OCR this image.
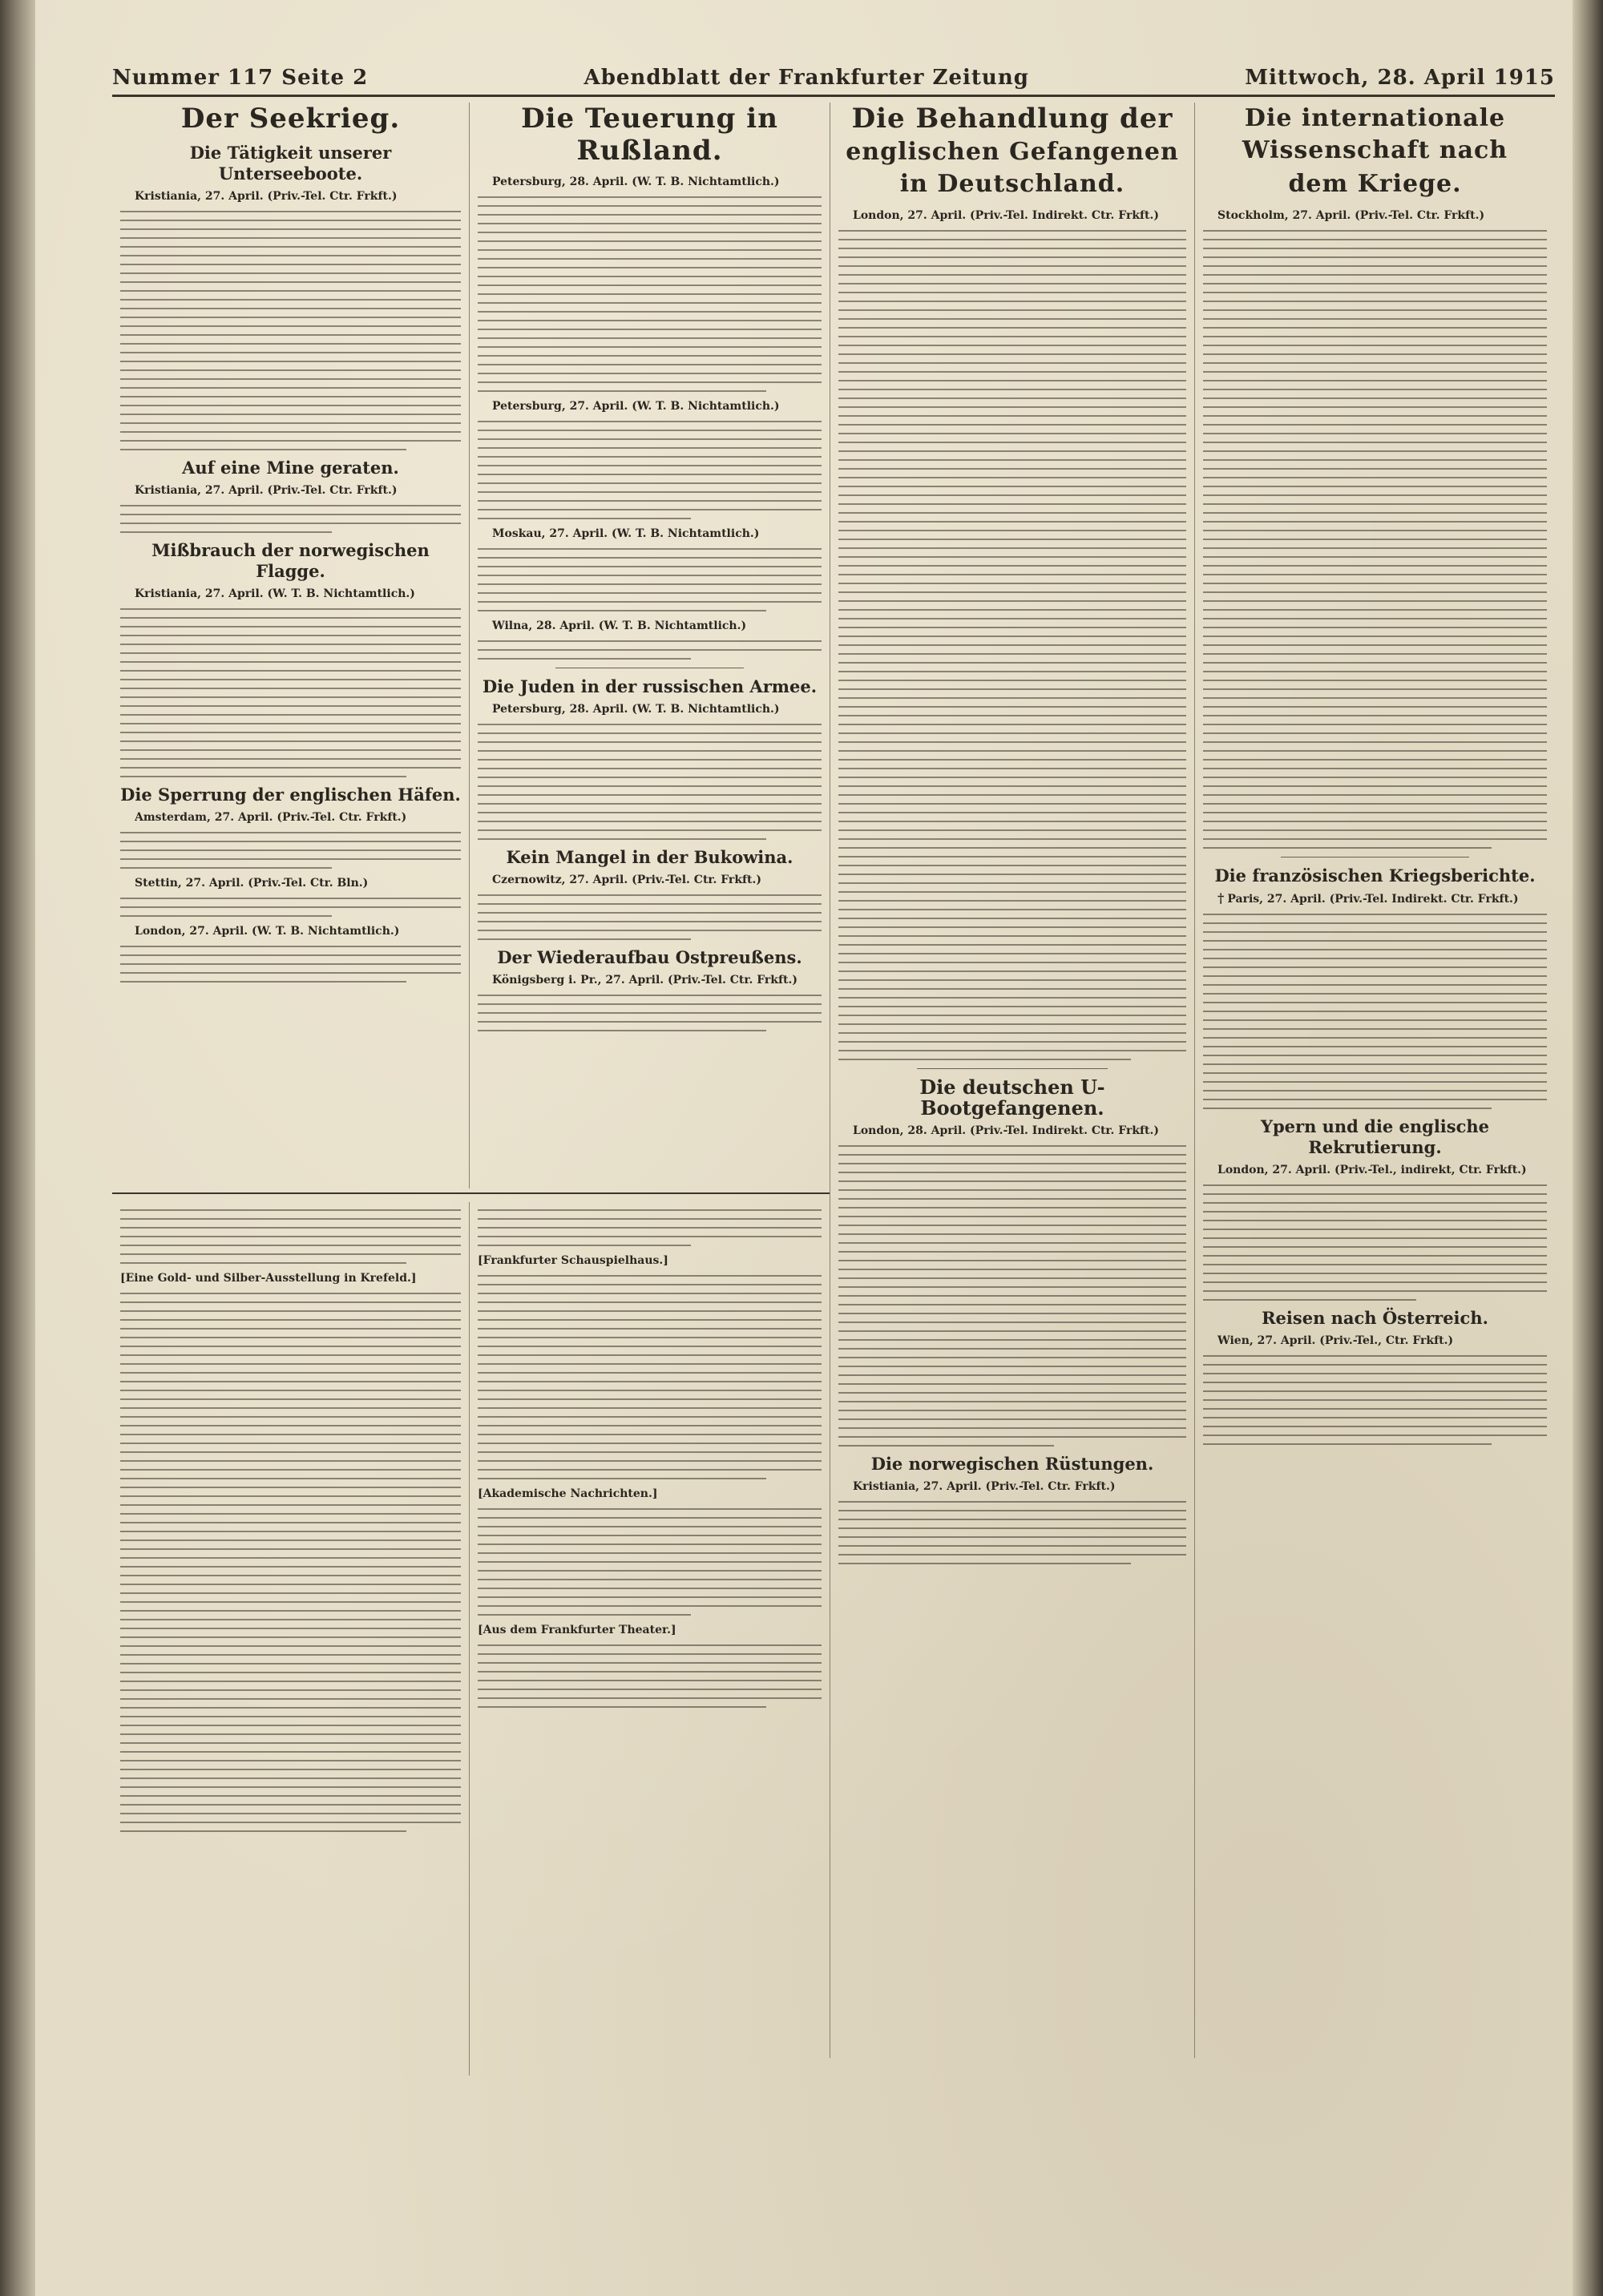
Nummer 117 Seite 2	Abendblatt der Frankfurter Zeitung	Mittwoch, 28. April 1915
Der Seekrieg.
Die Tätigkeit unserer Unterseeboote.
Kristiania, 27. April. (Priv.-Tel. Ctr. Frkft.)
Auf eine Mine geraten.
Kristiania, 27. April. (Priv.-Tel. Ctr. Frkft.)
Mißbrauch der norwegischen Flagge.
Kristiania, 27. April. (W. T. B. Nichtamtlich.)
Die Sperrung der englischen Häfen.
Amsterdam, 27. April. (Priv.-Tel. Ctr. Frkft.)
Stettin, 27. April. (Priv.-Tel. Ctr. Bln.)
London, 27. April. (W. T. B. Nichtamtlich.)
Die Teuerung in Rußland.
Petersburg, 28. April. (W. T. B. Nichtamtlich.)
Petersburg, 27. April. (W. T. B. Nichtamtlich.)
Moskau, 27. April. (W. T. B. Nichtamtlich.)
Wilna, 28. April. (W. T. B. Nichtamtlich.)
Die Juden in der russischen Armee.
Petersburg, 28. April. (W. T. B. Nichtamtlich.)
Kein Mangel in der Bukowina.
Czernowitz, 27. April. (Priv.-Tel. Ctr. Frkft.)
Der Wiederaufbau Ostpreußens.
Königsberg i. Pr., 27. April. (Priv.-Tel. Ctr. Frkft.)
Die Behandlung der
englischen Gefangenen in Deutschland.
London, 27. April. (Priv.-Tel. Indirekt. Ctr. Frkft.)
Die deutschen U-Bootgefangenen.
London, 28. April. (Priv.-Tel. Indirekt. Ctr. Frkft.)
Die norwegischen Rüstungen.
Kristiania, 27. April. (Priv.-Tel. Ctr. Frkft.)
Die internationale Wissenschaft nach
dem Kriege.
Stockholm, 27. April. (Priv.-Tel. Ctr. Frkft.)
Die französischen Kriegsberichte.
† Paris, 27. April. (Priv.-Tel. Indirekt. Ctr. Frkft.)
Ypern und die englische Rekrutierung.
London, 27. April. (Priv.-Tel., indirekt, Ctr. Frkft.)
Reisen nach Österreich.
Wien, 27. April. (Priv.-Tel., Ctr. Frkft.)
[Eine Gold- und Silber-Ausstellung in Krefeld.]
[Frankfurter Schauspielhaus.]
[Akademische Nachrichten.]
[Aus dem Frankfurter Theater.]
